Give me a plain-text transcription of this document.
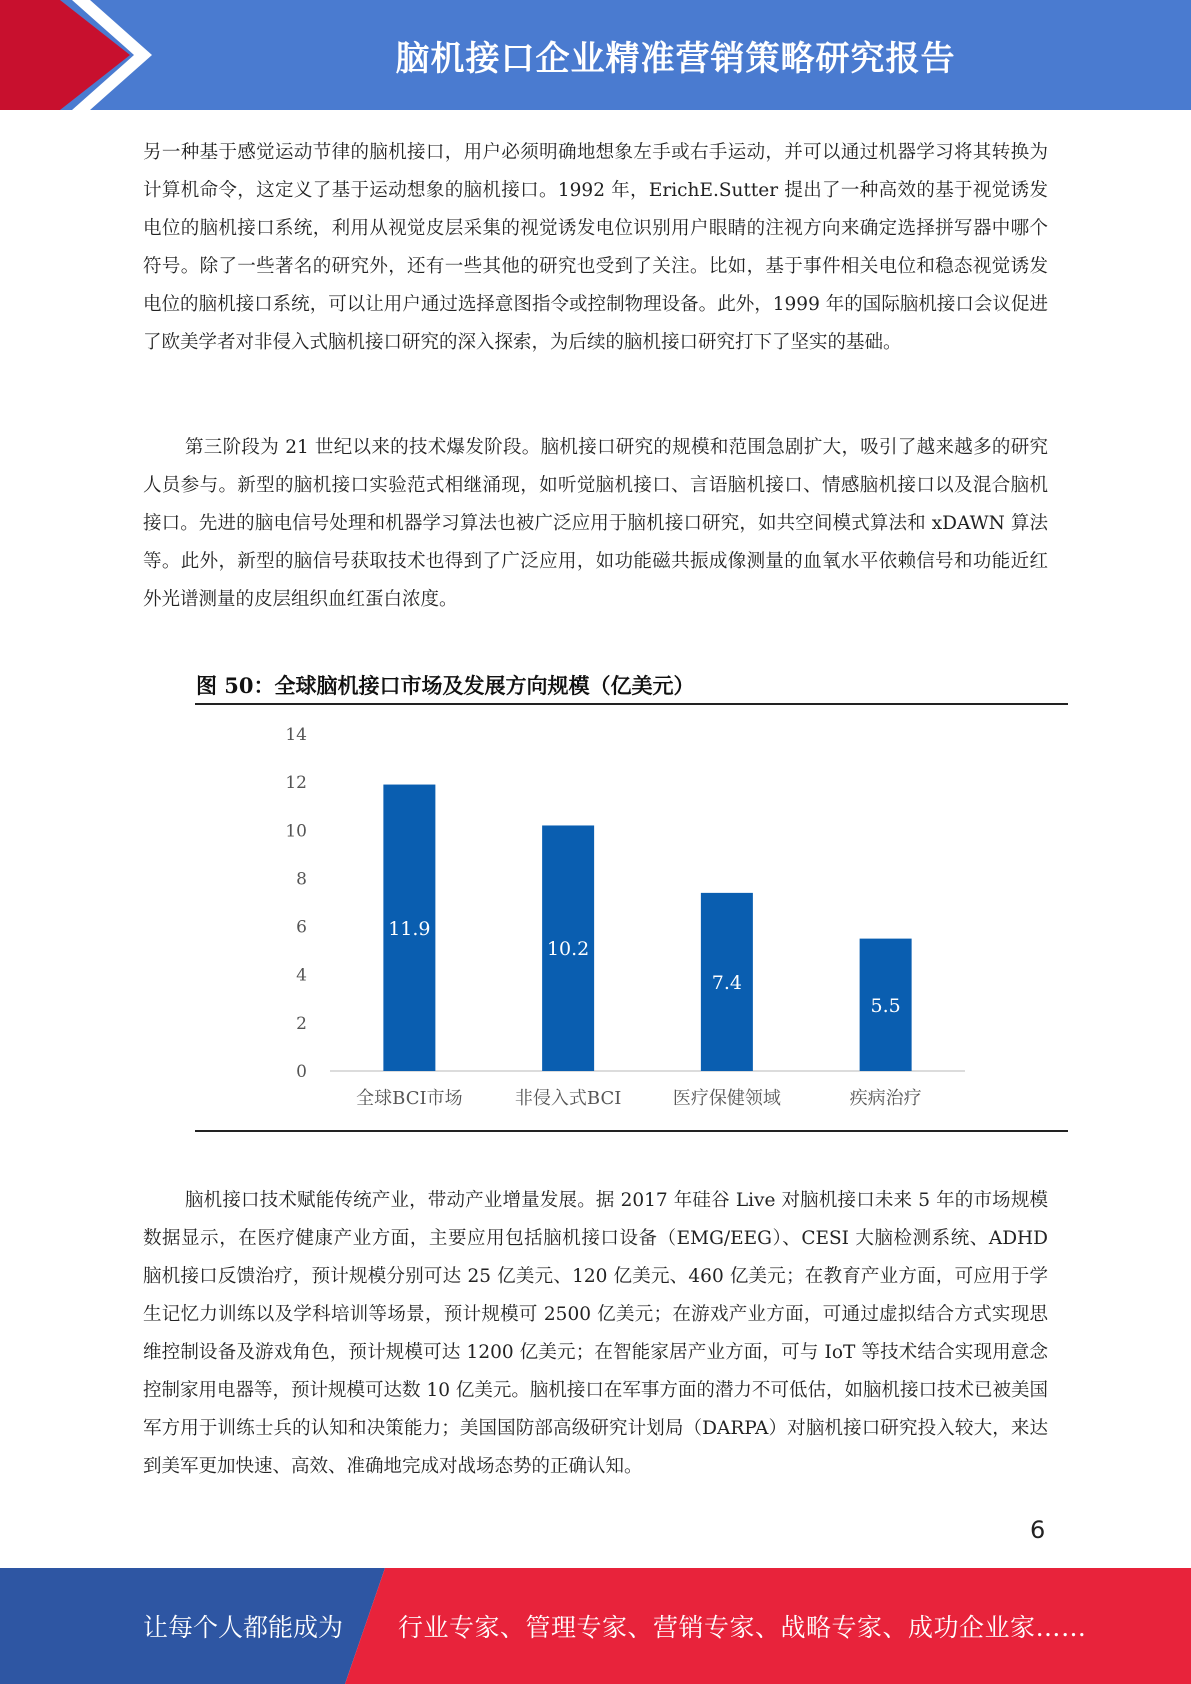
脑机接口企业精准营销策略研究报告

另一种基于感觉运动节律的脑机接口，用户必须明确地想象左手或右手运动，并可以通过机器学习将其转换为计算机命令，这定义了基于运动想象的脑机接口。1992 年，ErichE.Sutter 提出了一种高效的基于视觉诱发电位的脑机接口系统，利用从视觉皮层采集的视觉诱发电位识别用户眼睛的注视方向来确定选择拼写器中哪个符号。除了一些著名的研究外，还有一些其他的研究也受到了关注。比如，基于事件相关电位和稳态视觉诱发电位的脑机接口系统，可以让用户通过选择意图指令或控制物理设备。此外，1999 年的国际脑机接口会议促进了欧美学者对非侵入式脑机接口研究的深入探索，为后续的脑机接口研究打下了坚实的基础。

第三阶段为 21 世纪以来的技术爆发阶段。脑机接口研究的规模和范围急剧扩大，吸引了越来越多的研究人员参与。新型的脑机接口实验范式相继涌现，如听觉脑机接口、言语脑机接口、情感脑机接口以及混合脑机接口。先进的脑电信号处理和机器学习算法也被广泛应用于脑机接口研究，如共空间模式算法和 xDAWN 算法等。此外，新型的脑信号获取技术也得到了广泛应用，如功能磁共振成像测量的血氧水平依赖信号和功能近红外光谱测量的皮层组织血红蛋白浓度。

图 50：全球脑机接口市场及发展方向规模（亿美元）
0
2
4
6
8
10
12
14
11.9
全球BCI市场
10.2
非侵入式BCI
7.4
医疗保健领域
5.5
疾病治疗

脑机接口技术赋能传统产业，带动产业增量发展。据 2017 年硅谷 Live 对脑机接口未来 5 年的市场规模数据显示，在医疗健康产业方面，主要应用包括脑机接口设备（EMG/EEG）、CESI 大脑检测系统、ADHD 脑机接口反馈治疗，预计规模分别可达 25 亿美元、120 亿美元、460 亿美元；在教育产业方面，可应用于学生记忆力训练以及学科培训等场景，预计规模可 2500 亿美元；在游戏产业方面，可通过虚拟结合方式实现思维控制设备及游戏角色，预计规模可达 1200 亿美元；在智能家居产业方面，可与 IoT 等技术结合实现用意念控制家用电器等，预计规模可达数 10 亿美元。脑机接口在军事方面的潜力不可低估，如脑机接口技术已被美国军方用于训练士兵的认知和决策能力；美国国防部高级研究计划局（DARPA）对脑机接口研究投入较大，来达到美军更加快速、高效、准确地完成对战场态势的正确认知。

6
让每个人都能成为 行业专家、管理专家、营销专家、战略专家、成功企业家……
